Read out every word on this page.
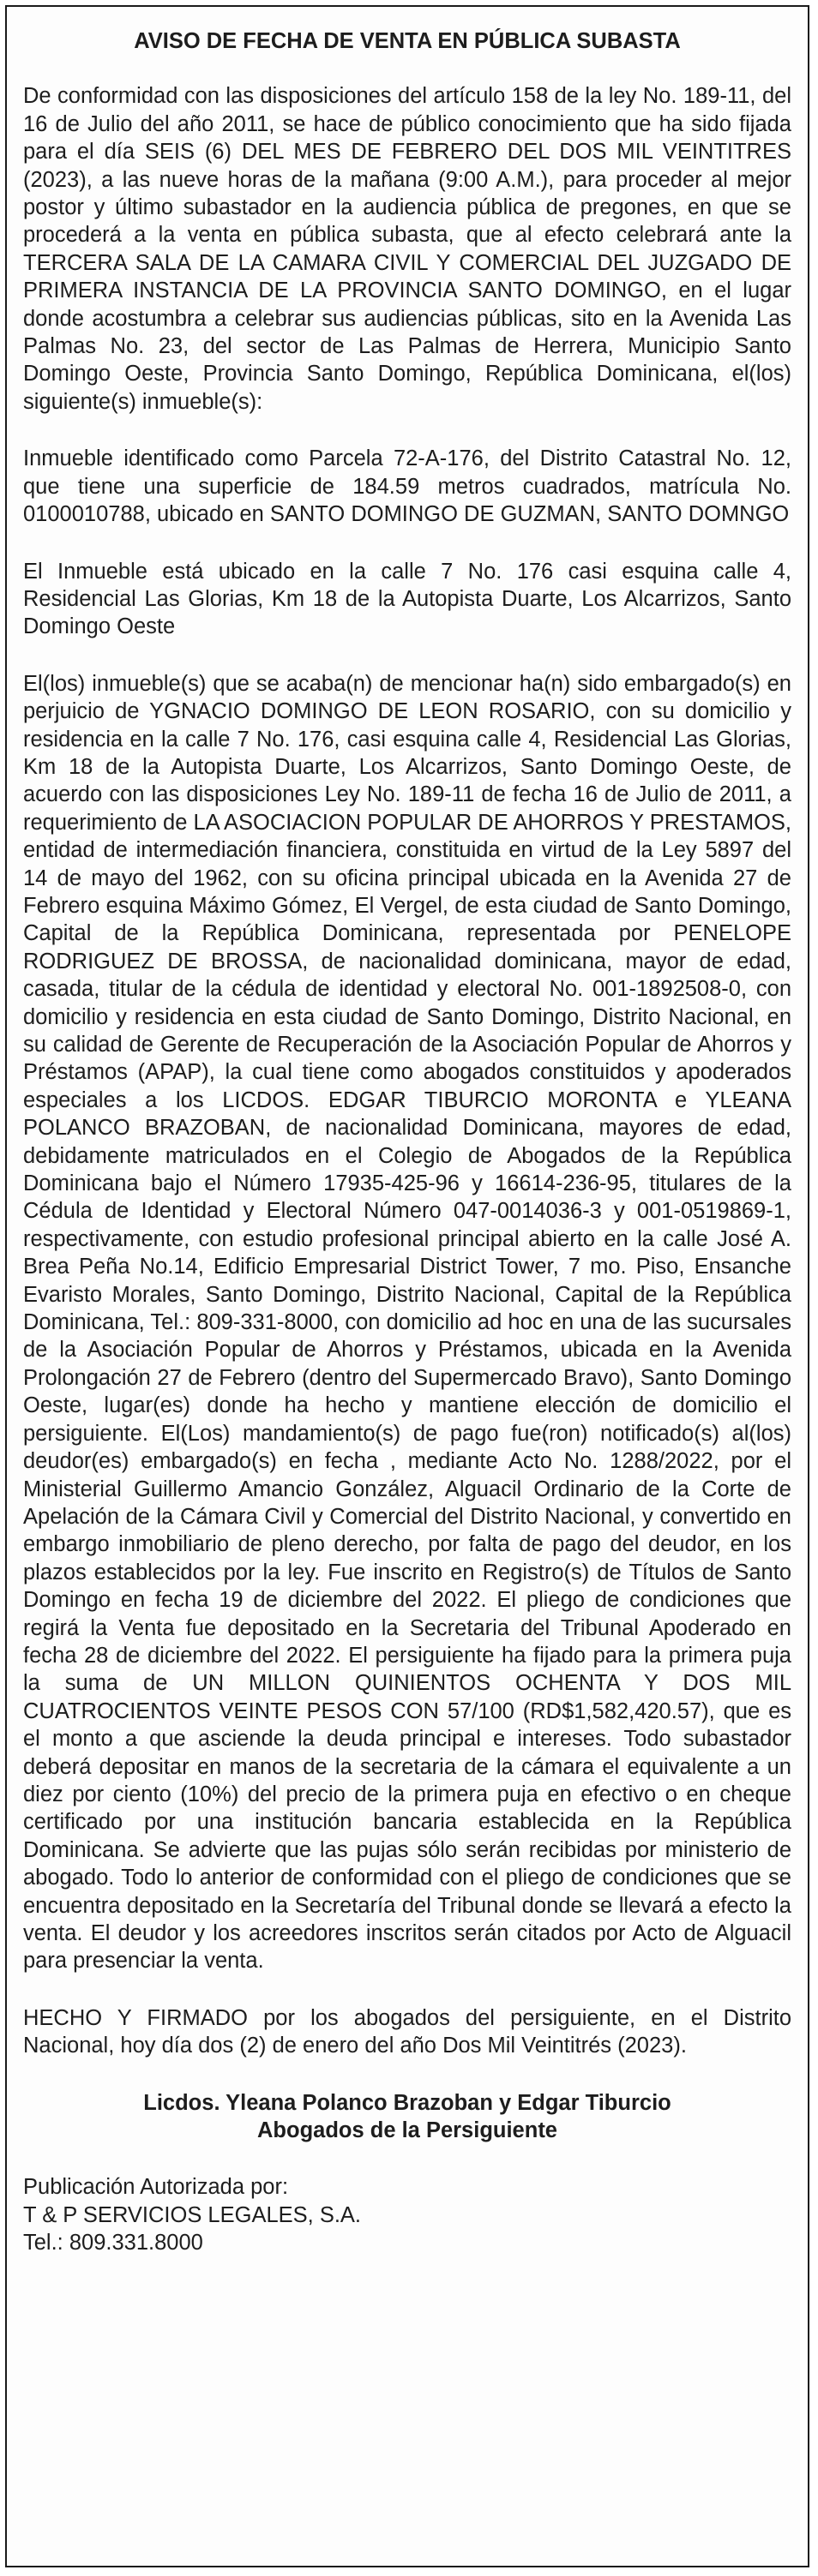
AVISO DE FECHA DE VENTA EN PÚBLICA SUBASTA
De conformidad con las disposiciones del artículo 158 de la ley No. 189-11, del 16 de Julio del año 2011, se hace de público conocimiento que ha sido fijada para el día SEIS (6) DEL MES DE FEBRERO DEL DOS MIL VEINTITRES (2023), a las nueve horas de la mañana (9:00 A.M.), para proceder al mejor postor y último subastador en la audiencia pública de pregones, en que se procederá a la venta en pública subasta, que al efecto celebrará ante la TERCERA SALA DE LA CAMARA CIVIL Y COMERCIAL DEL JUZGADO DE PRIMERA INSTANCIA DE LA PROVINCIA SANTO DOMINGO, en el lugar donde acostumbra a celebrar sus audiencias públicas, sito en la Avenida Las Palmas No. 23, del sector de Las Palmas de Herrera, Municipio Santo Domingo Oeste, Provincia Santo Domingo, República Dominicana, el(los) siguiente(s) inmueble(s):
Inmueble identificado como Parcela 72-A-176, del Distrito Catastral No. 12, que tiene una superficie de 184.59 metros cuadrados, matrícula No. 0100010788, ubicado en SANTO DOMINGO DE GUZMAN, SANTO DOMNGO
El Inmueble está ubicado en la calle 7 No. 176 casi esquina calle 4, Residencial Las Glorias, Km 18 de la Autopista Duarte, Los Alcarrizos, Santo Domingo Oeste
El(los) inmueble(s) que se acaba(n) de mencionar ha(n) sido embargado(s) en perjuicio de YGNACIO DOMINGO DE LEON ROSARIO, con su domicilio y residencia en la calle 7 No. 176, casi esquina calle 4, Residencial Las Glorias, Km 18 de la Autopista Duarte, Los Alcarrizos, Santo Domingo Oeste, de acuerdo con las disposiciones Ley No. 189-11 de fecha 16 de Julio de 2011, a requerimiento de LA ASOCIACION POPULAR DE AHORROS Y PRESTAMOS, entidad de intermediación financiera, constituida en virtud de la Ley 5897 del 14 de mayo del 1962, con su oficina principal ubicada en la Avenida 27 de Febrero esquina Máximo Gómez, El Vergel, de esta ciudad de Santo Domingo, Capital de la República Dominicana, representada por PENELOPE RODRIGUEZ DE BROSSA, de nacionalidad dominicana, mayor de edad, casada, titular de la cédula de identidad y electoral No. 001-1892508-0, con domicilio y residencia en esta ciudad de Santo Domingo, Distrito Nacional, en su calidad de Gerente de Recuperación de la Asociación Popular de Ahorros y Préstamos (APAP), la cual tiene como abogados constituidos y apoderados especiales a los LICDOS. EDGAR TIBURCIO MORONTA e YLEANA POLANCO BRAZOBAN, de nacionalidad Dominicana, mayores de edad, debidamente matriculados en el Colegio de Abogados de la República Dominicana bajo el Número 17935-425-96 y 16614-236-95, titulares de la Cédula de Identidad y Electoral Número 047-0014036-3 y 001-0519869-1, respectivamente, con estudio profesional principal abierto en la calle José A. Brea Peña No.14, Edificio Empresarial District Tower, 7 mo. Piso, Ensanche Evaristo Morales, Santo Domingo, Distrito Nacional, Capital de la República Dominicana, Tel.: 809-331-8000, con domicilio ad hoc en una de las sucursales de la Asociación Popular de Ahorros y Préstamos, ubicada en la Avenida Prolongación 27 de Febrero (dentro del Supermercado Bravo), Santo Domingo Oeste, lugar(es) donde ha hecho y mantiene elección de domicilio el persiguiente. El(Los) mandamiento(s) de pago fue(ron) notificado(s) al(los) deudor(es) embargado(s) en fecha , mediante Acto No. 1288/2022, por el Ministerial Guillermo Amancio González, Alguacil Ordinario de la Corte de Apelación de la Cámara Civil y Comercial del Distrito Nacional, y convertido en embargo inmobiliario de pleno derecho, por falta de pago del deudor, en los plazos establecidos por la ley. Fue inscrito en Registro(s) de Títulos de Santo Domingo en fecha 19 de diciembre del 2022. El pliego de condiciones que regirá la Venta fue depositado en la Secretaria del Tribunal Apoderado en fecha 28 de diciembre del 2022. El persiguiente ha fijado para la primera puja la suma de UN MILLON QUINIENTOS OCHENTA Y DOS MIL CUATROCIENTOS VEINTE PESOS CON 57/100 (RD$1,582,420.57), que es el monto a que asciende la deuda principal e intereses. Todo subastador deberá depositar en manos de la secretaria de la cámara el equivalente a un diez por ciento (10%) del precio de la primera puja en efectivo o en cheque certificado por una institución bancaria establecida en la República Dominicana. Se advierte que las pujas sólo serán recibidas por ministerio de abogado. Todo lo anterior de conformidad con el pliego de condiciones que se encuentra depositado en la Secretaría del Tribunal donde se llevará a efecto la venta. El deudor y los acreedores inscritos serán citados por Acto de Alguacil para presenciar la venta.
HECHO Y FIRMADO por los abogados del persiguiente, en el Distrito Nacional, hoy día dos (2) de enero del año Dos Mil Veintitrés (2023).
Licdos. Yleana Polanco Brazoban y Edgar Tiburcio
Abogados de la Persiguiente
Publicación Autorizada por:
T & P SERVICIOS LEGALES, S.A.
Tel.: 809.331.8000
